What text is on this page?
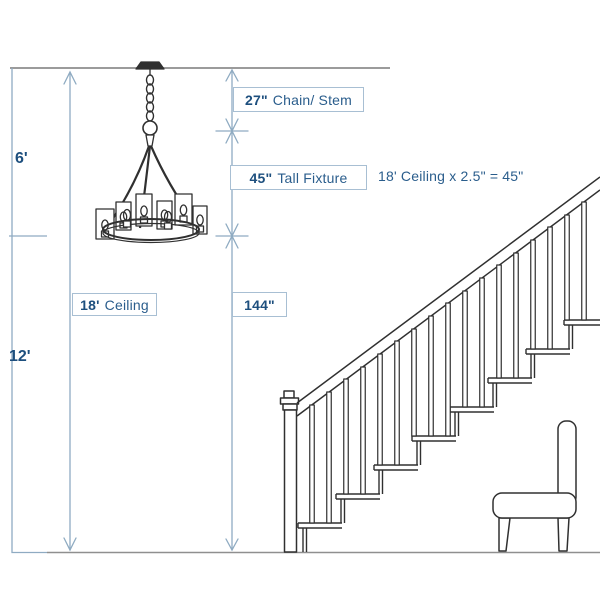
27" Chain/ Stem
45" Tall Fixture
18' Ceiling	144"
18' Ceiling x 2.5" = 45"
6'
12'
